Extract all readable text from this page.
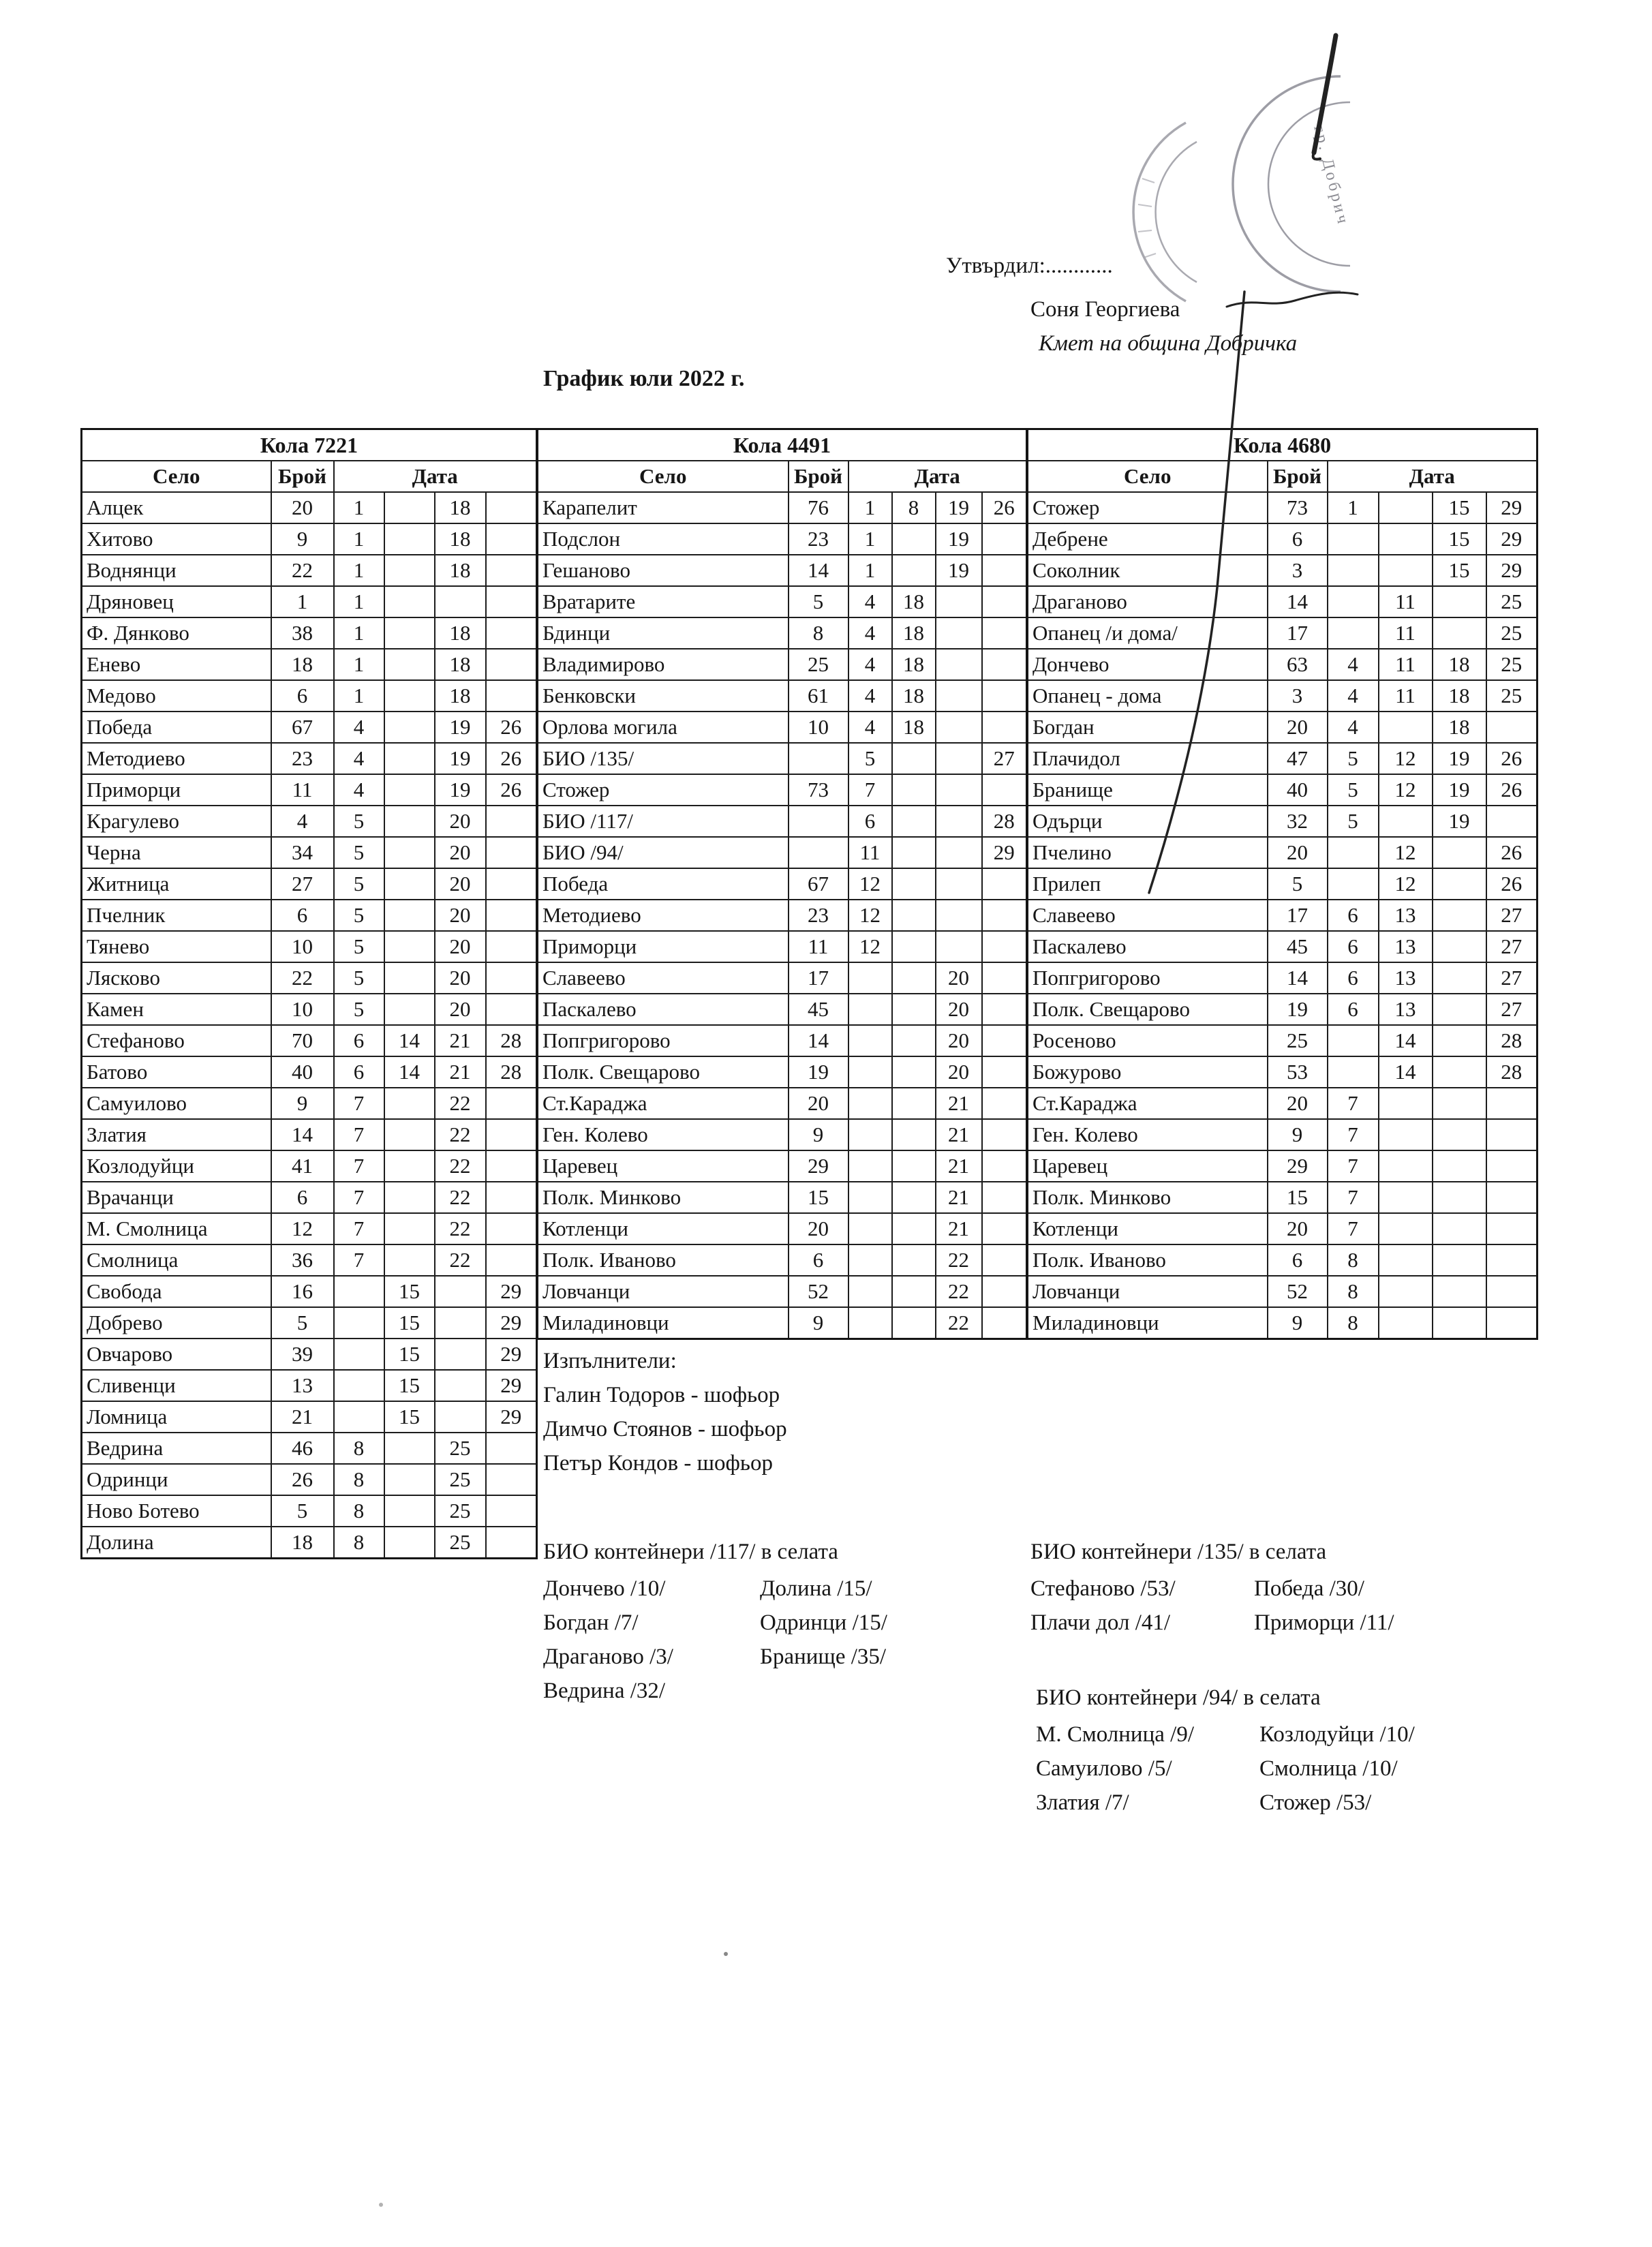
Утвърдил:............
Соня Георгиева
Кмет на община Добричка
График юли 2022 г.
Кола 7221					
Село	Брой	Дата			
Алцек	20	1		18	
Хитово	9	1		18	
Воднянци	22	1		18	
Дряновец	1	1			
Ф. Дянково	38	1		18	
Енево	18	1		18	
Медово	6	1		18	
Победа	67	4		19	26
Методиево	23	4		19	26
Приморци	11	4		19	26
Крагулево	4	5		20	
Черна	34	5		20	
Житница	27	5		20	
Пчелник	6	5		20	
Тянево	10	5		20	
Лясково	22	5		20	
Камен	10	5		20	
Стефаново	70	6	14	21	28
Батово	40	6	14	21	28
Самуилово	9	7		22	
Златия	14	7		22	
Козлодуйци	41	7		22	
Врачанци	6	7		22	
М. Смолница	12	7		22	
Смолница	36	7		22	
Свобода	16		15		29
Добрево	5		15		29
Овчарово	39		15		29
Сливенци	13		15		29
Ломница	21		15		29
Ведрина	46	8		25	
Одринци	26	8		25	
Ново Ботево	5	8		25	
Долина	18	8		25	
Кола 4491					
Село	Брой	Дата			
Карапелит	76	1	8	19	26
Подслон	23	1		19	
Гешаново	14	1		19	
Вратарите	5	4	18		
Бдинци	8	4	18		
Владимирово	25	4	18		
Бенковски	61	4	18		
Орлова могила	10	4	18		
БИО /135/		5			27
Стожер	73	7			
БИО /117/		6			28
БИО /94/		11			29
Победа	67	12			
Методиево	23	12			
Приморци	11	12			
Славеево	17			20	
Паскалево	45			20	
Попгригорово	14			20	
Полк. Свещарово	19			20	
Ст.Караджа	20			21	
Ген. Колево	9			21	
Царевец	29			21	
Полк. Минково	15			21	
Котленци	20			21	
Полк. Иваново	6			22	
Ловчанци	52			22	
Миладиновци	9			22	
Кола 4680					
Село	Брой	Дата			
Стожер	73	1		15	29
Дебрене	6			15	29
Соколник	3			15	29
Драганово	14		11		25
Опанец /и дома/	17		11		25
Дончево	63	4	11	18	25
Опанец - дома	3	4	11	18	25
Богдан	20	4		18	
Плачидол	47	5	12	19	26
Бранище	40	5	12	19	26
Одърци	32	5		19	
Пчелино	20		12		26
Прилеп	5		12		26
Славеево	17	6	13		27
Паскалево	45	6	13		27
Попгригорово	14	6	13		27
Полк. Свещарово	19	6	13		27
Росеново	25		14		28
Божурово	53		14		28
Ст.Караджа	20	7			
Ген. Колево	9	7			
Царевец	29	7			
Полк. Минково	15	7			
Котленци	20	7			
Полк. Иваново	6	8			
Ловчанци	52	8			
Миладиновци	9	8			
Изпълнители:
Галин Тодоров - шофьор
Димчо Стоянов - шофьор
Петър Кондов - шофьор
БИО контейнери /117/ в селата
Дончево /10/
Богдан /7/
Драганово /3/
Ведрина /32/
Долина /15/
Одринци /15/
Бранище /35/
БИО контейнери /135/ в селата
Стефаново /53/
Плачи дол /41/
Победа /30/
Приморци /11/
БИО контейнери /94/ в селата
М. Смолница /9/
Самуилово /5/
Златия /7/
Козлодуйци /10/
Смолница /10/
Стожер /53/
гр. Добрич
